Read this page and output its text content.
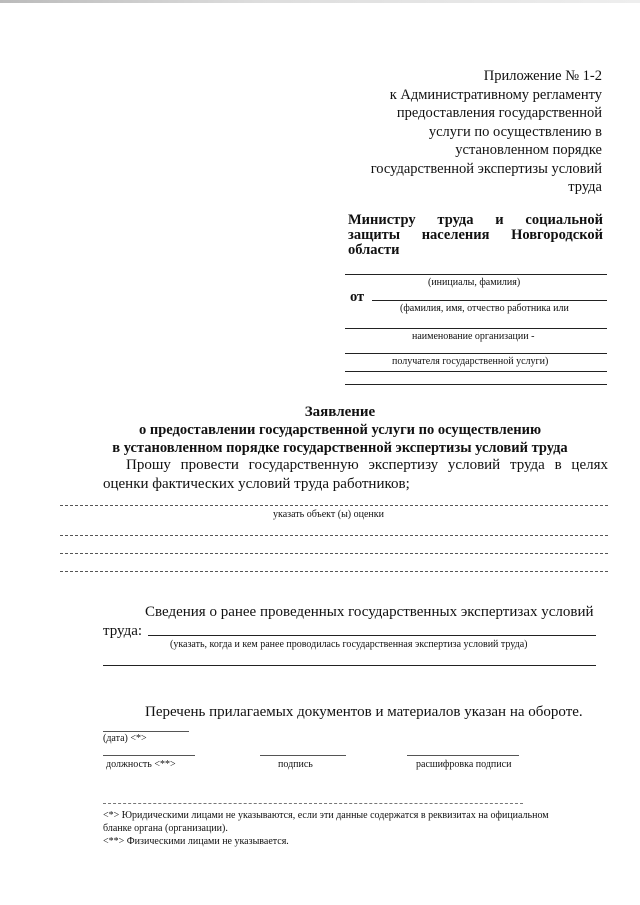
Приложение № 1-2
к Административному регламенту
предоставления государственной
услуги по осуществлению в
установленном порядке
государственной экспертизы условий
труда
Министру труда и социальной
защиты населения Новгородской
области
(инициалы, фамилия)
от
(фамилия, имя, отчество работника или
наименование организации -
получателя государственной услуги)
Заявление
о предоставлении государственной услуги по осуществлению
в установленном порядке государственной экспертизы условий труда
Прошу провести государственную экспертизу условий труда в целях
оценки фактических условий труда работников;
указать объект (ы) оценки
Сведения о ранее проведенных государственных экспертизах условий
труда:
(указать, когда и кем ранее проводилась государственная экспертиза условий труда)
Перечень прилагаемых документов и материалов указан на обороте.
(дата) <*>
должность <**>	подпись	расшифровка подписи
<*> Юридическими лицами не указываются, если эти данные содержатся в реквизитах на официальном
бланке органа (организации).
<**> Физическими лицами не указывается.
